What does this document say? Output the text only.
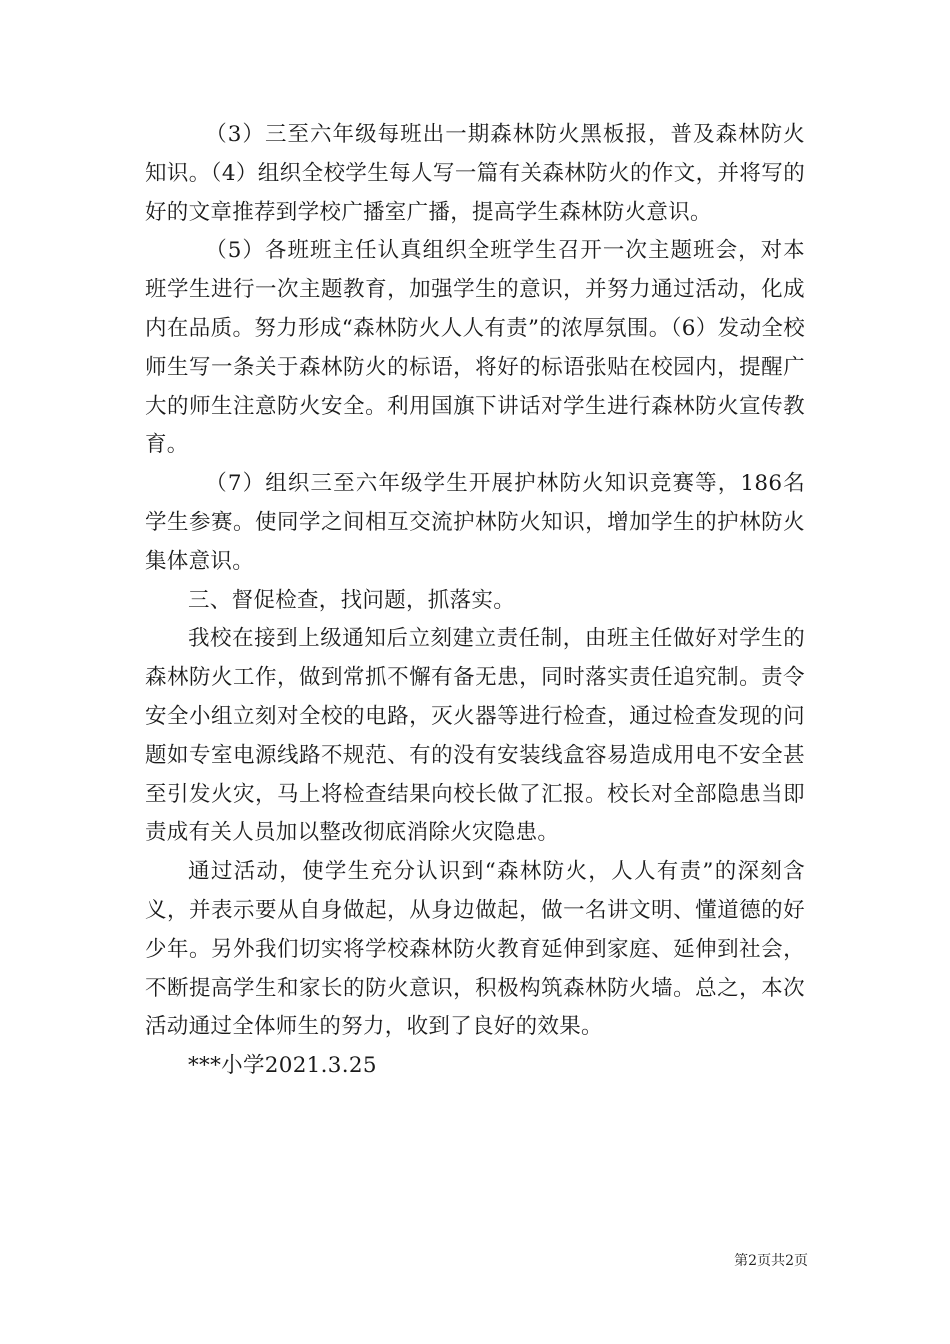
（3）三至六年级每班出一期森林防火黑板报，普及森林防火知识。（4）组织全校学生每人写一篇有关森林防火的作文，并将写的好的文章推荐到学校广播室广播，提高学生森林防火意识。

（5）各班班主任认真组织全班学生召开一次主题班会，对本班学生进行一次主题教育，加强学生的意识，并努力通过活动，化成内在品质。努力形成“森林防火人人有责”的浓厚氛围。（6）发动全校师生写一条关于森林防火的标语，将好的标语张贴在校园内，提醒广大的师生注意防火安全。利用国旗下讲话对学生进行森林防火宣传教育。

（7）组织三至六年级学生开展护林防火知识竞赛等，186名学生参赛。使同学之间相互交流护林防火知识，增加学生的护林防火集体意识。

三、督促检查，找问题，抓落实。

我校在接到上级通知后立刻建立责任制，由班主任做好对学生的森林防火工作，做到常抓不懈有备无患，同时落实责任追究制。责令安全小组立刻对全校的电路，灭火器等进行检查，通过检查发现的问题如专室电源线路不规范、有的没有安装线盒容易造成用电不安全甚至引发火灾，马上将检查结果向校长做了汇报。校长对全部隐患当即责成有关人员加以整改彻底消除火灾隐患。

通过活动，使学生充分认识到“森林防火，人人有责”的深刻含义，并表示要从自身做起，从身边做起，做一名讲文明、懂道德的好少年。另外我们切实将学校森林防火教育延伸到家庭、延伸到社会，不断提高学生和家长的防火意识，积极构筑森林防火墙。总之，本次活动通过全体师生的努力，收到了良好的效果。

***小学2021.3.25

第2页共2页
